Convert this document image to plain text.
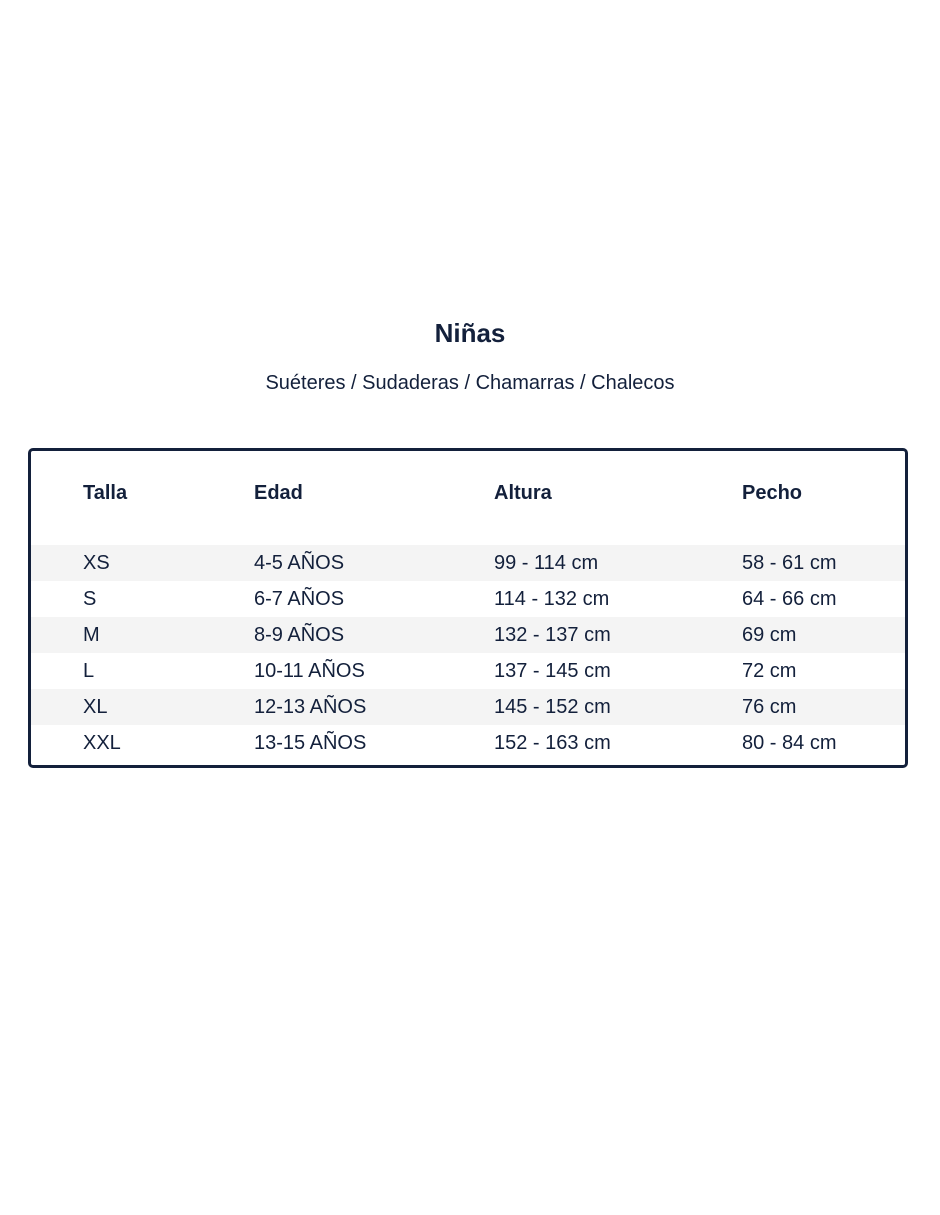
Niñas
Suéteres / Sudaderas / Chamarras / Chalecos
Talla	Edad	Altura	Pecho
XS	4-5 AÑOS	99 - 114 cm	58 - 61 cm
S	6-7 AÑOS	114 - 132 cm	64 - 66 cm
M	8-9 AÑOS	132 - 137 cm	69 cm
L	10-11 AÑOS	137 - 145 cm	72 cm
XL	12-13 AÑOS	145 - 152 cm	76 cm
XXL	13-15 AÑOS	152 - 163 cm	80 - 84 cm
